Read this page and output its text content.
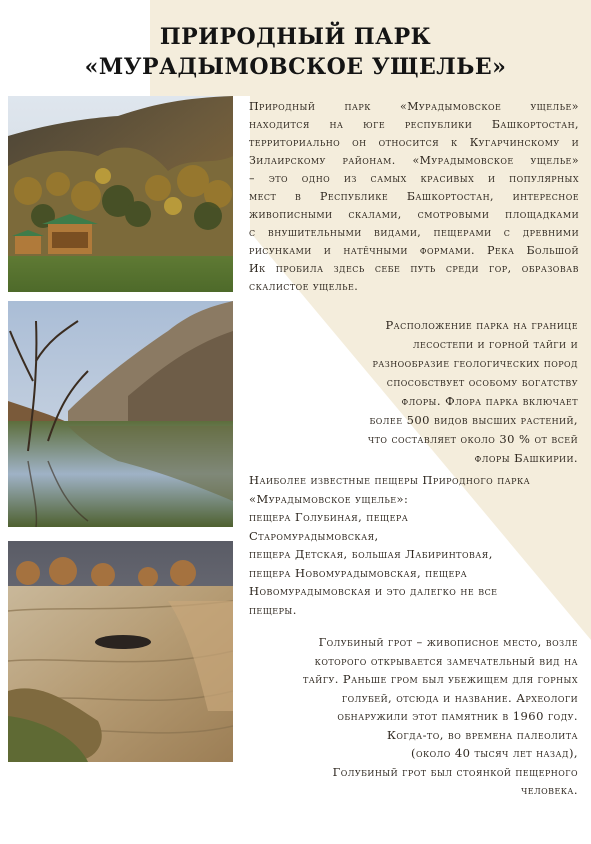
ПРИРОДНЫЙ ПАРК
«МУРАДЫМОВСКОЕ УЩЕЛЬЕ»

Природный парк «Мурадымовское ущелье»
находится на юге республики Башкортостан,
территориально он относится к Кугарчинскому и
Зилаирскому районам. «Мурадымовское ущелье»
– это одно из самых красивых и популярных
мест в Республике Башкортостан, интересное
живописными скалами, смотровыми площадками
с внушительными видами, пещерами с древними
рисунками и натёчными формами. Река Большой
Ик пробила здесь себе путь среди гор, образовав
скалистое ущелье.

Расположение парка на границе
лесостепи и горной тайги и
разнообразие геологических пород
способствует особому богатству
флоры. Флора парка включает
более 500 видов высших растений,
что составляет около 30 % от всей
флоры Башкирии.

Наиболее известные пещеры Природного парка
«Мурадымовское ущелье»:
пещера Голубиная, пещера
Старомурадымовская,
пещера Детская, большая Лабиринтовая,
пещера Новомурадымовская, пещера
Новомурадымовская и это далегко не все
пещеры.

Голубиный грот – живописное место, возле
которого открывается замечательный вид на
тайгу. Раньше гром был убежищем для горных
голубей, отсюда и название. Археологи
обнаружили этот памятник в 1960 году.
Когда-то, во времена палеолита
(около 40 тысяч лет назад),
Голубиный грот был стоянкой пещерного
человека.
